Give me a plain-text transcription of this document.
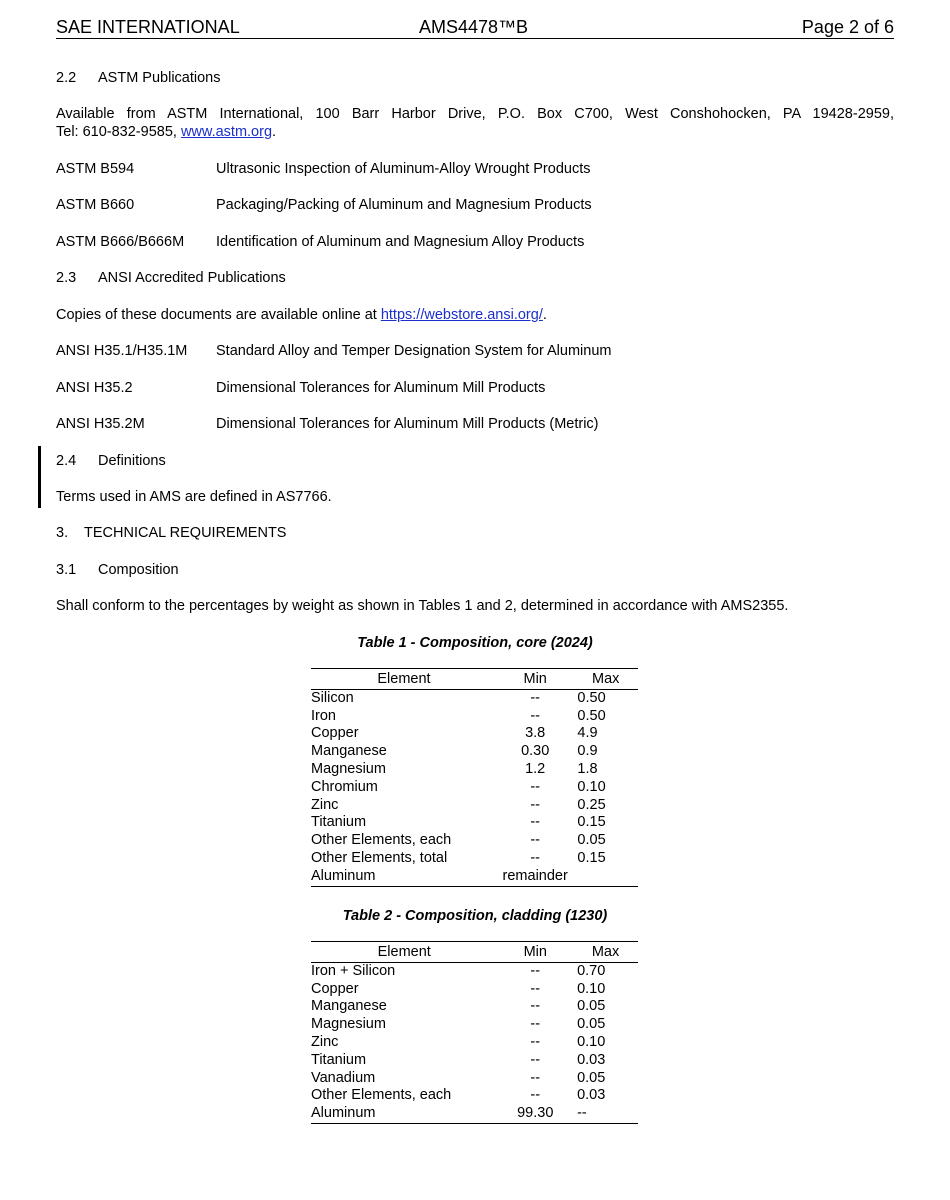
SAE INTERNATIONAL	AMS4478™B	Page 2 of 6
2.2 ASTM Publications
Available from ASTM International, 100 Barr Harbor Drive, P.O. Box C700, West Conshohocken, PA 19428-2959,
Tel: 610-832-9585, www.astm.org.
ASTM B594	Ultrasonic Inspection of Aluminum-Alloy Wrought Products
ASTM B660	Packaging/Packing of Aluminum and Magnesium Products
ASTM B666/B666M Identification of Aluminum and Magnesium Alloy Products
2.3 ANSI Accredited Publications
Copies of these documents are available online at https://webstore.ansi.org/.
ANSI H35.1/H35.1M Standard Alloy and Temper Designation System for Aluminum
ANSI H35.2	Dimensional Tolerances for Aluminum Mill Products
ANSI H35.2M	Dimensional Tolerances for Aluminum Mill Products (Metric)
2.4 Definitions
Terms used in AMS are defined in AS7766.
3. TECHNICAL REQUIREMENTS
3.1 Composition
Shall conform to the percentages by weight as shown in Tables 1 and 2, determined in accordance with AMS2355.
Table 1 - Composition, core (2024)
Element	Min	Max
Silicon	--	0.50
Iron	--	0.50
Copper	3.8	4.9
Manganese	0.30	0.9
Magnesium	1.2	1.8
Chromium	--	0.10
Zinc	--	0.25
Titanium	--	0.15
Other Elements, each	--	0.05
Other Elements, total	--	0.15
Aluminum	remainder	
Table 2 - Composition, cladding (1230)
Element	Min	Max
Iron + Silicon	--	0.70
Copper	--	0.10
Manganese	--	0.05
Magnesium	--	0.05
Zinc	--	0.10
Titanium	--	0.03
Vanadium	--	0.05
Other Elements, each	--	0.03
Aluminum	99.30	--
